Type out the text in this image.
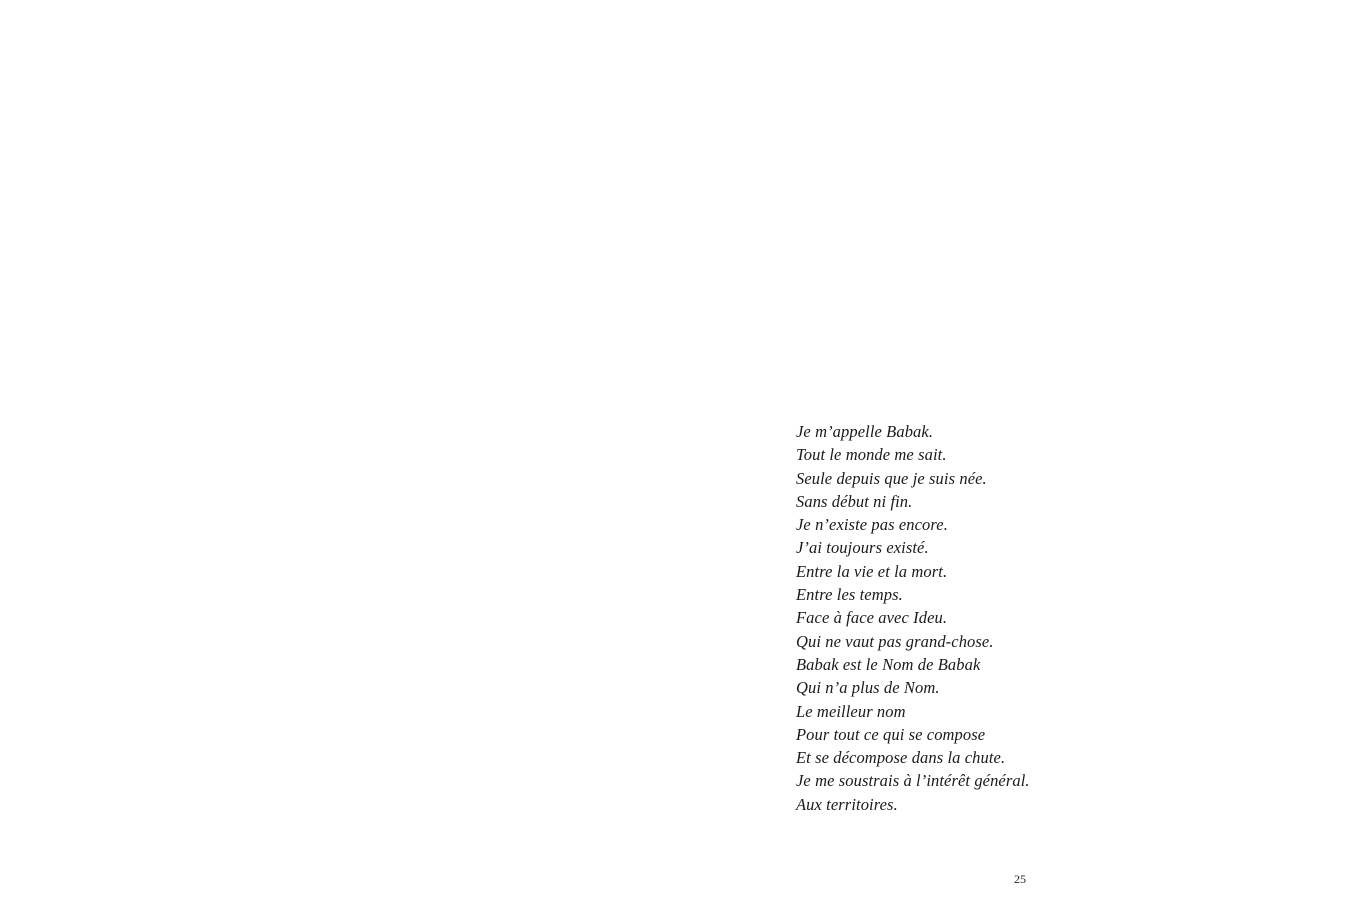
Je m’appelle Babak.
Tout le monde me sait.
Seule depuis que je suis née.
Sans début ni fin.
Je n’existe pas encore.
J’ai toujours existé.
Entre la vie et la mort.
Entre les temps.
Face à face avec Ideu.
Qui ne vaut pas grand-chose.
Babak est le Nom de Babak
Qui n’a plus de Nom.
Le meilleur nom
Pour tout ce qui se compose
Et se décompose dans la chute.
Je me soustrais à l’intérêt général.
Aux territoires.
25
